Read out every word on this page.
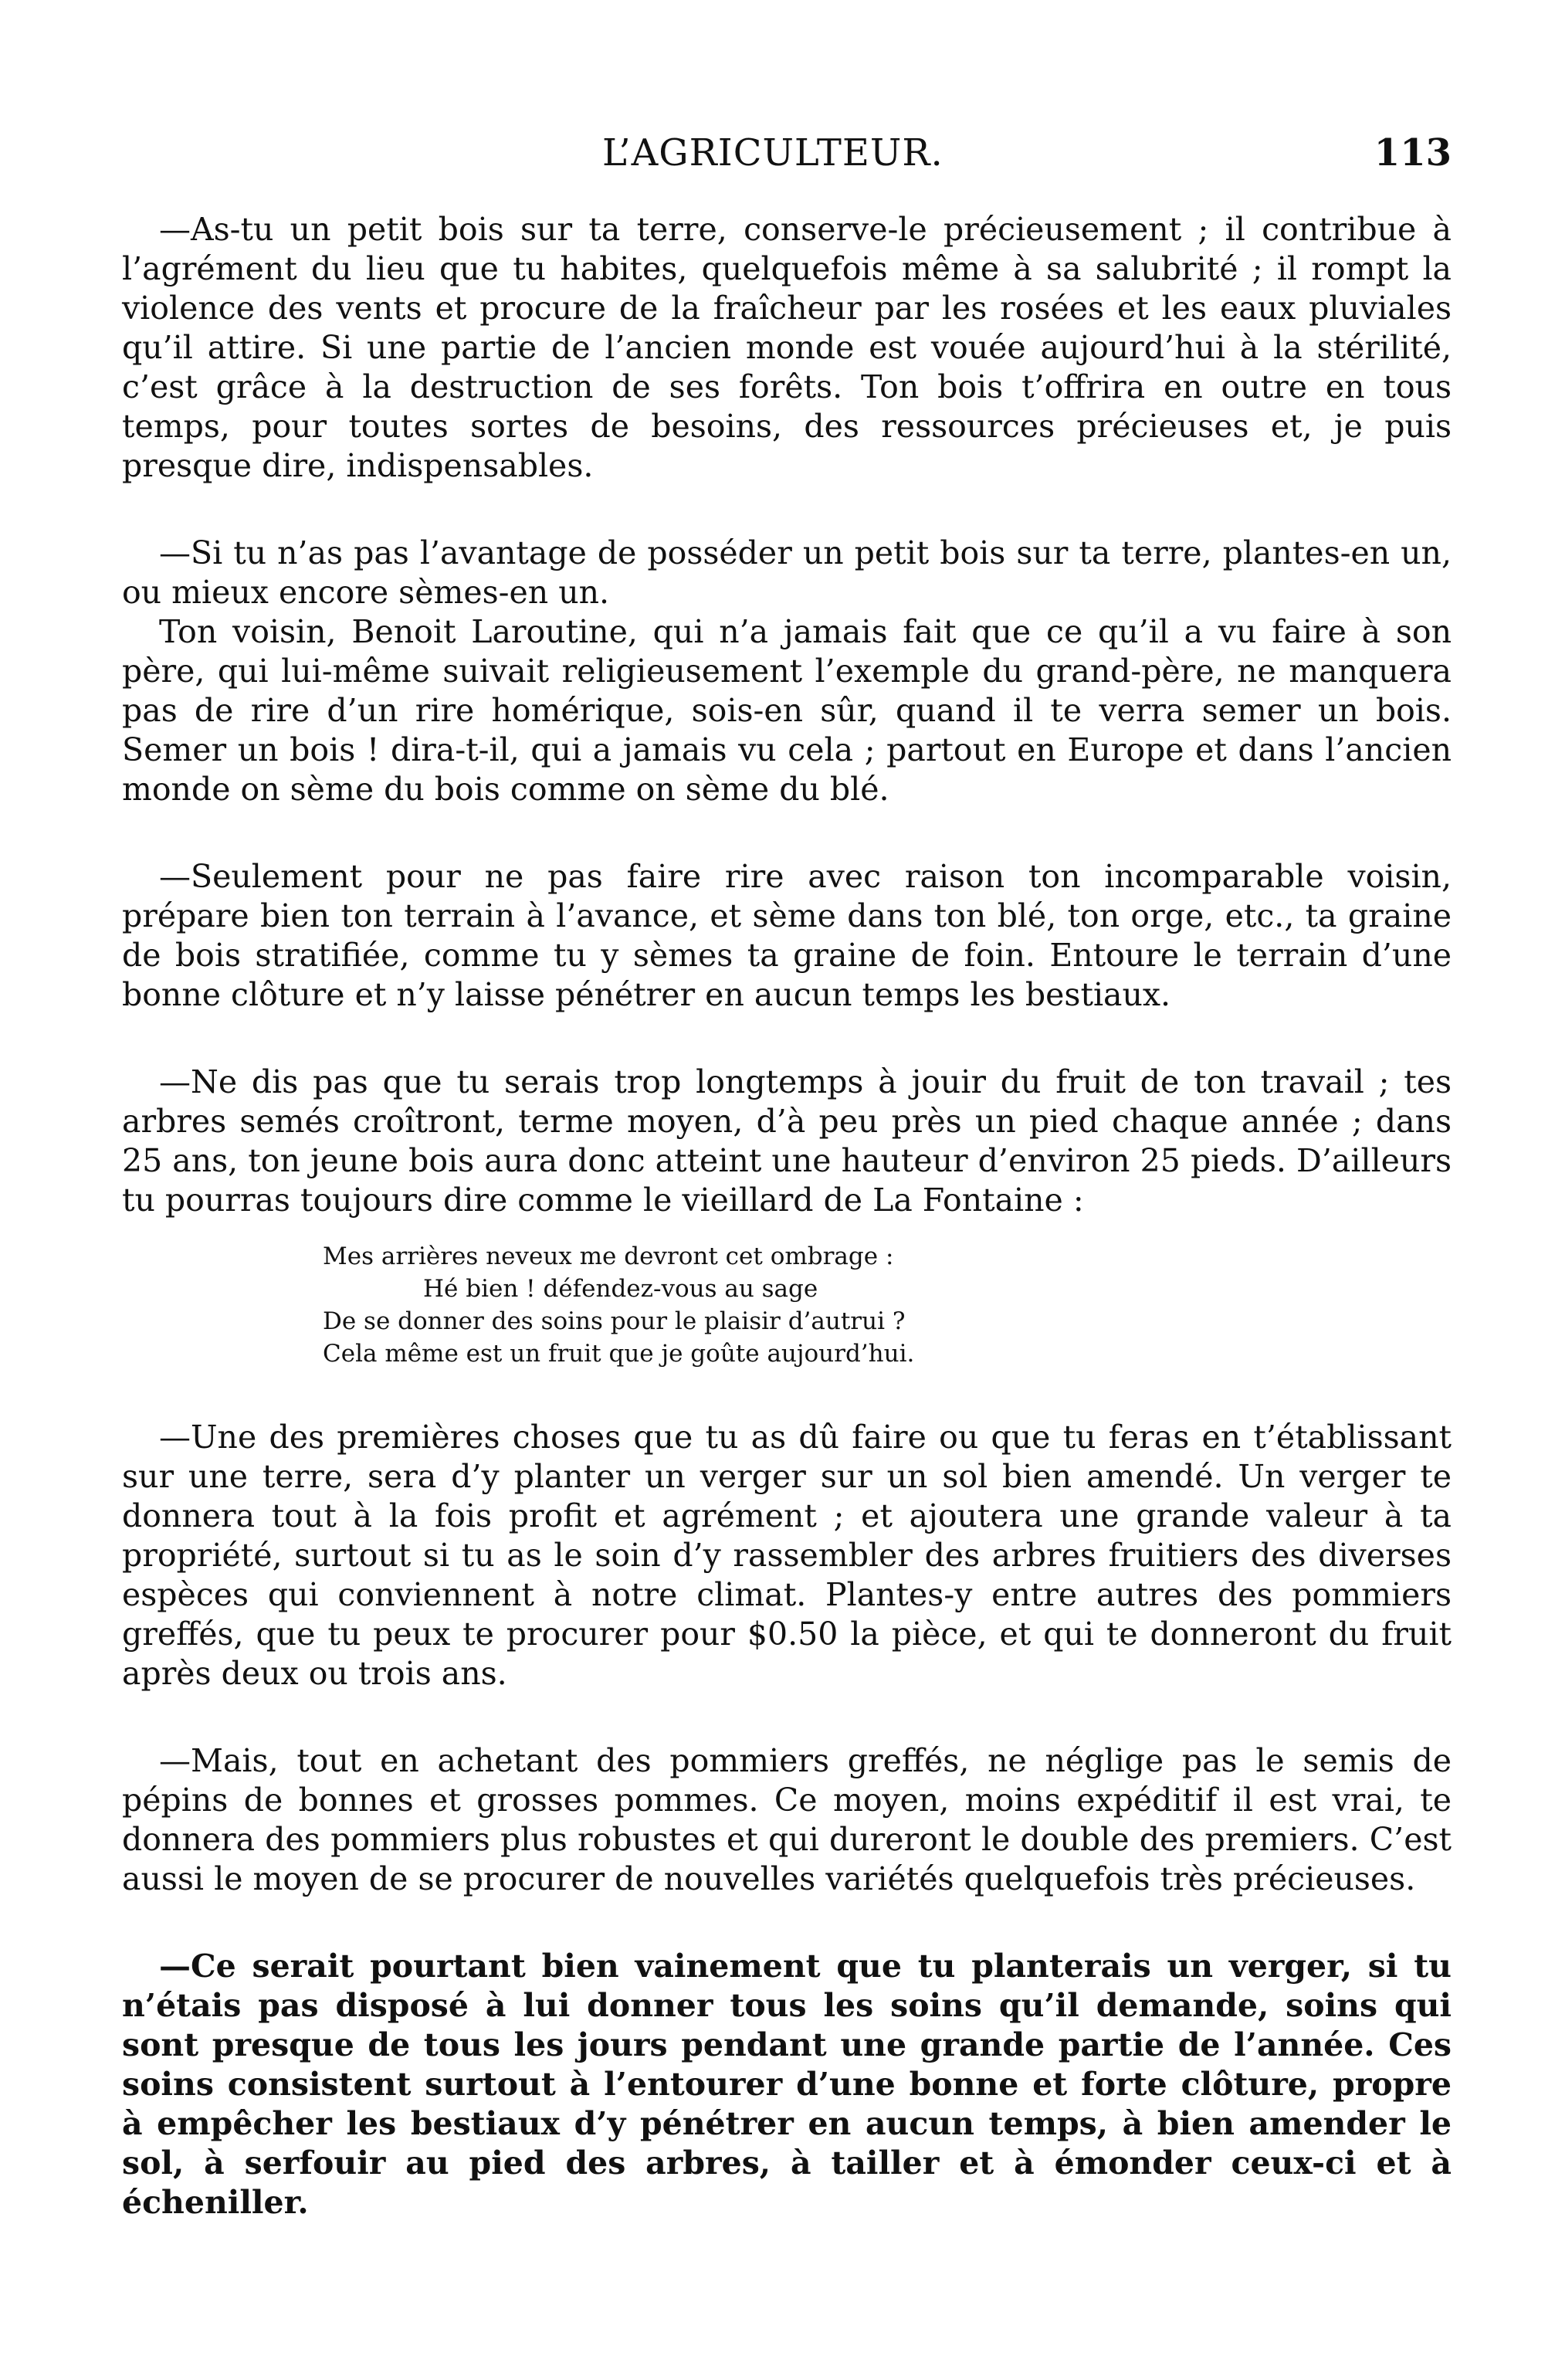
L’AGRICULTEUR.	113

—As-tu un petit bois sur ta terre, conserve-le précieusement ; il contribue à l’agrément du lieu que tu habites, quelquefois même à sa salubrité ; il rompt la violence des vents et procure de la fraîcheur par les rosées et les eaux pluviales qu’il attire. Si une partie de l’ancien monde est vouée aujourd’hui à la stérilité, c’est grâce à la destruction de ses forêts. Ton bois t’offrira en outre en tous temps, pour toutes sortes de besoins, des ressources précieuses et, je puis presque dire, indispensables.

—Si tu n’as pas l’avantage de posséder un petit bois sur ta terre, plantes-en un, ou mieux encore sèmes-en un.

Ton voisin, Benoit Laroutine, qui n’a jamais fait que ce qu’il a vu faire à son père, qui lui-même suivait religieusement l’exemple du grand-père, ne manquera pas de rire d’un rire homérique, sois-en sûr, quand il te verra semer un bois. Semer un bois ! dira-t-il, qui a jamais vu cela ; partout en Europe et dans l’ancien monde on sème du bois comme on sème du blé.

—Seulement pour ne pas faire rire avec raison ton incomparable voisin, prépare bien ton terrain à l’avance, et sème dans ton blé, ton orge, etc., ta graine de bois stratifiée, comme tu y sèmes ta graine de foin. Entoure le terrain d’une bonne clôture et n’y laisse pénétrer en aucun temps les bestiaux.

—Ne dis pas que tu serais trop longtemps à jouir du fruit de ton travail ; tes arbres semés croîtront, terme moyen, d’à peu près un pied chaque année ; dans 25 ans, ton jeune bois aura donc atteint une hauteur d’environ 25 pieds. D’ailleurs tu pourras toujours dire comme le vieillard de La Fontaine :

Mes arrières neveux me devront cet ombrage :
Hé bien ! défendez-vous au sage
De se donner des soins pour le plaisir d’autrui ?
Cela même est un fruit que je goûte aujourd’hui.

—Une des premières choses que tu as dû faire ou que tu feras en t’établissant sur une terre, sera d’y planter un verger sur un sol bien amendé. Un verger te donnera tout à la fois profit et agrément ; et ajoutera une grande valeur à ta propriété, surtout si tu as le soin d’y rassembler des arbres fruitiers des diverses espèces qui conviennent à notre climat. Plantes-y entre autres des pommiers greffés, que tu peux te procurer pour $0.50 la pièce, et qui te donneront du fruit après deux ou trois ans.

—Mais, tout en achetant des pommiers greffés, ne néglige pas le semis de pépins de bonnes et grosses pommes. Ce moyen, moins expéditif il est vrai, te donnera des pommiers plus robustes et qui dureront le double des premiers. C’est aussi le moyen de se procurer de nouvelles variétés quelquefois très précieuses.

—Ce serait pourtant bien vainement que tu planterais un verger, si tu n’étais pas disposé à lui donner tous les soins qu’il demande, soins qui sont presque de tous les jours pendant une grande partie de l’année. Ces soins consistent surtout à l’entourer d’une bonne et forte clôture, propre à empêcher les bestiaux d’y pénétrer en aucun temps, à bien amender le sol, à serfouir au pied des arbres, à tailler et à émonder ceux-ci et à écheniller.
